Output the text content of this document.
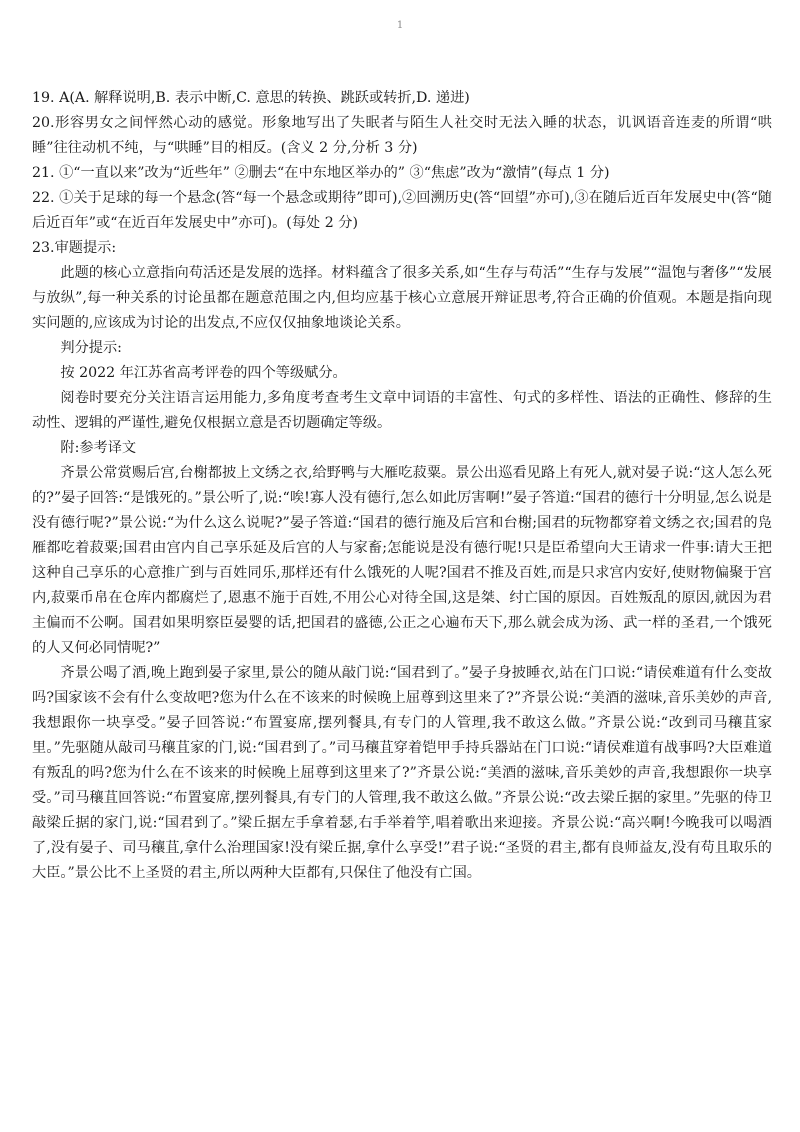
1

19. A(A. 解释说明,B. 表示中断,C. 意思的转换、跳跃或转折,D. 递进)

20.形容男女之间怦然心动的感觉。形象地写出了失眠者与陌生人社交时无法入睡的状态，讥讽语音连麦的所谓“哄睡”往往动机不纯，与“哄睡”目的相反。(含义 2 分,分析 3 分)

21. ①“一直以来”改为“近些年” ②删去“在中东地区举办的” ③“焦虑”改为“激情”(每点 1 分)

22. ①关于足球的每一个悬念(答“每一个悬念或期待”即可),②回溯历史(答“回望”亦可),③在随后近百年发展史中(答“随后近百年”或“在近百年发展史中”亦可)。(每处 2 分)

23.审题提示:

此题的核心立意指向苟活还是发展的选择。材料蕴含了很多关系,如“生存与苟活”“生存与发展”“温饱与奢侈”“发展与放纵”,每一种关系的讨论虽都在题意范围之内,但均应基于核心立意展开辩证思考,符合正确的价值观。本题是指向现实问题的,应该成为讨论的出发点,不应仅仅抽象地谈论关系。

判分提示:

按 2022 年江苏省高考评卷的四个等级赋分。

阅卷时要充分关注语言运用能力,多角度考查考生文章中词语的丰富性、句式的多样性、语法的正确性、修辞的生动性、逻辑的严谨性,避免仅根据立意是否切题确定等级。

附:参考译文

齐景公常赏赐后宫,台榭都披上文绣之衣,给野鸭与大雁吃菽粟。景公出巡看见路上有死人,就对晏子说:“这人怎么死的?”晏子回答:“是饿死的。”景公听了,说:“唉!寡人没有德行,怎么如此厉害啊!”晏子答道:“国君的德行十分明显,怎么说是没有德行呢?”景公说:“为什么这么说呢?”晏子答道:“国君的德行施及后宫和台榭;国君的玩物都穿着文绣之衣;国君的凫雁都吃着菽粟;国君由宫内自己享乐延及后宫的人与家畜;怎能说是没有德行呢!只是臣希望向大王请求一件事:请大王把这种自己享乐的心意推广到与百姓同乐,那样还有什么饿死的人呢?国君不推及百姓,而是只求宫内安好,使财物偏聚于宫内,菽粟币帛在仓库内都腐烂了,恩惠不施于百姓,不用公心对待全国,这是桀、纣亡国的原因。百姓叛乱的原因,就因为君主偏而不公啊。国君如果明察臣晏婴的话,把国君的盛德,公正之心遍布天下,那么就会成为汤、武一样的圣君,一个饿死的人又何必同情呢?”

齐景公喝了酒,晚上跑到晏子家里,景公的随从敲门说:“国君到了。”晏子身披睡衣,站在门口说:“请侯难道有什么变故吗?国家该不会有什么变故吧?您为什么在不该来的时候晚上屈尊到这里来了?”齐景公说:“美酒的滋味,音乐美妙的声音,我想跟你一块享受。”晏子回答说:“布置宴席,摆列餐具,有专门的人管理,我不敢这么做。”齐景公说:“改到司马穰苴家里。”先驱随从敲司马穰苴家的门,说:“国君到了。”司马穰苴穿着铠甲手持兵器站在门口说:“请侯难道有战事吗?大臣难道有叛乱的吗?您为什么在不该来的时候晚上屈尊到这里来了?”齐景公说:“美酒的滋味,音乐美妙的声音,我想跟你一块享受。”司马穰苴回答说:“布置宴席,摆列餐具,有专门的人管理,我不敢这么做。”齐景公说:“改去梁丘据的家里。”先驱的侍卫敲梁丘据的家门,说:“国君到了。”梁丘据左手拿着瑟,右手举着竽,唱着歌出来迎接。齐景公说:“高兴啊!今晚我可以喝酒了,没有晏子、司马穰苴,拿什么治理国家!没有梁丘据,拿什么享受!”君子说:“圣贤的君主,都有良师益友,没有苟且取乐的大臣。”景公比不上圣贤的君主,所以两种大臣都有,只保住了他没有亡国。
